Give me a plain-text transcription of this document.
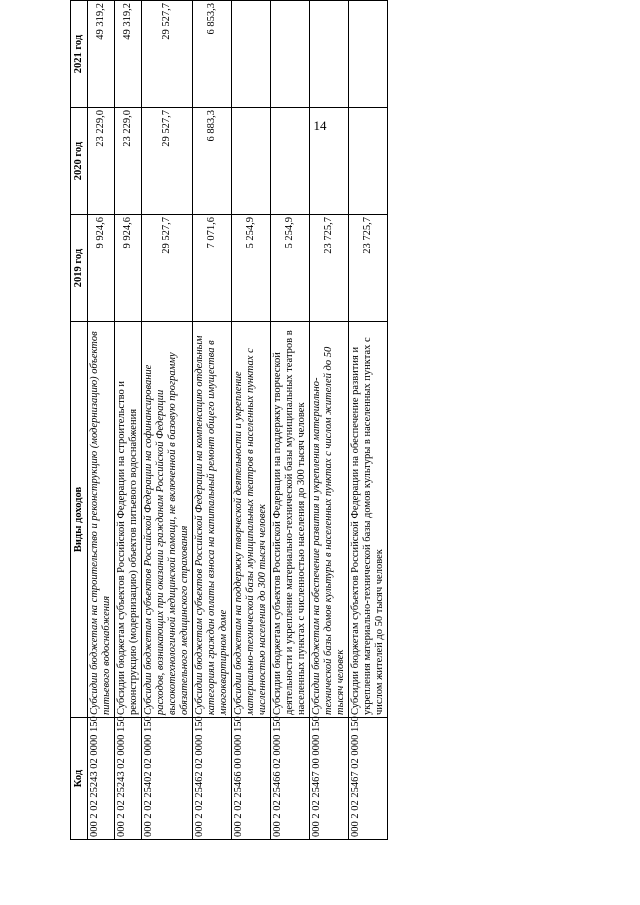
14
Код	Виды доходов	2019 год	2020 год	2021 год
000 2 02 25243 02 0000 150	Субсидии бюджетам на строительство и реконструкцию (модернизацию) объектов питьевого водоснабжения	9 924,6	23 229,0	49 319,2
000 2 02 25243 02 0000 150	Субсидии бюджетам субъектов Российской Федерации на строительство и реконструкцию (модернизацию) объектов питьевого водоснабжения	9 924,6	23 229,0	49 319,2
000 2 02 25402 02 0000 150	Субсидии бюджетам субъектов Российской Федерации на софинансирование расходов, возникающих при оказании гражданам Российской Федерации высокотехнологичной медицинской помощи, не включенной в базовую программу обязательного медицинского страхования	29 527,7	29 527,7	29 527,7
000 2 02 25462 02 0000 150	Субсидии бюджетам субъектов Российской Федерации на компенсацию отдельным категориям граждан оплаты взноса на капитальный ремонт общего имущества в многоквартирном доме	7 071,6	6 883,3	6 853,3
000 2 02 25466 00 0000 150	Субсидии бюджетам на поддержку творческой деятельности и укрепление материально-технической базы муниципальных театров в населенных пунктах с численностью населения до 300 тысяч человек	5 254,9		
000 2 02 25466 02 0000 150	Субсидии бюджетам субъектов Российской Федерации на поддержку творческой деятельности и укрепление материально-технической базы муниципальных театров в населенных пунктах с численностью населения до 300 тысяч человек	5 254,9		
000 2 02 25467 00 0000 150	Субсидии бюджетам на обеспечение развития и укрепления материально-технической базы домов культуры в населенных пунктах с числом жителей до 50 тысяч человек	23 725,7		
000 2 02 25467 02 0000 150	Субсидии бюджетам субъектов Российской Федерации на обеспечение развития и укрепления материально-технической базы домов культуры в населенных пунктах с числом жителей до 50 тысяч человек	23 725,7		
